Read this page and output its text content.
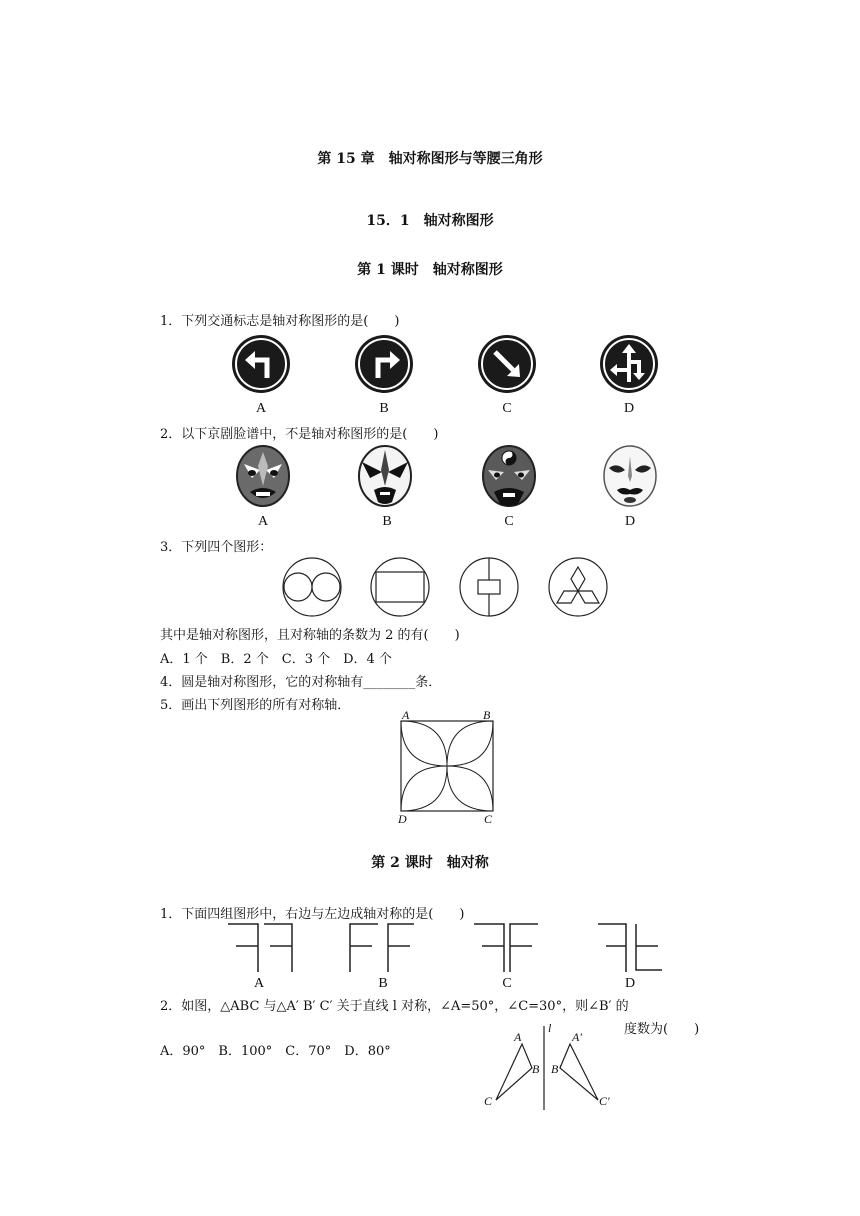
第 15 章　轴对称图形与等腰三角形
15．1　轴对称图形
第 1 课时　轴对称图形
1．下列交通标志是轴对称图形的是(　　)
A	B	C	D
2．以下京剧脸谱中，不是轴对称图形的是(　　)
A	B	C	D
3．下列四个图形：
其中是轴对称图形，且对称轴的条数为 2 的有(　　)
A．1 个　B．2 个　C．3 个　D．4 个
4．圆是轴对称图形，它的对称轴有________条．
5．画出下列图形的所有对称轴．
A	B
D	C
第 2 课时　轴对称
1．下面四组图形中，右边与左边成轴对称的是(　　)
A	B	C	D
2．如图，△ABC 与△A′ B′ C′ 关于直线 l 对称，∠A=50°，∠C=30°，则∠B′ 的
度数为(　　)
A．90°　B．100°　C．70°　D．80°
l
A
B
C
A′
B′
C′
